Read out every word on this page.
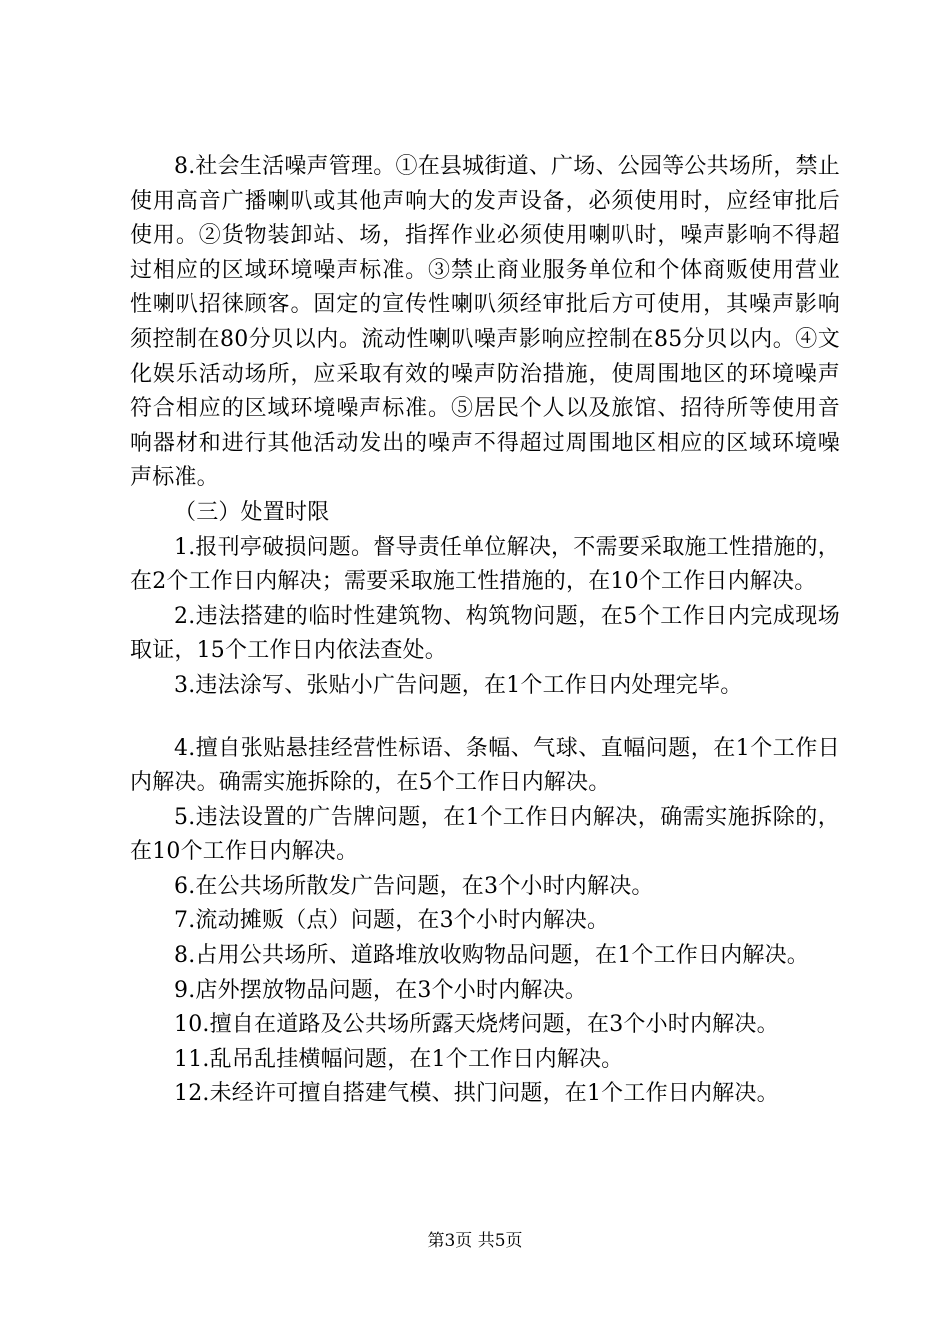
8.社会生活噪声管理。①在县城街道、广场、公园等公共场所，禁止使用高音广播喇叭或其他声响大的发声设备，必须使用时，应经审批后使用。②货物装卸站、场，指挥作业必须使用喇叭时，噪声影响不得超过相应的区域环境噪声标准。③禁止商业服务单位和个体商贩使用营业性喇叭招徕顾客。固定的宣传性喇叭须经审批后方可使用，其噪声影响须控制在80分贝以内。流动性喇叭噪声影响应控制在85分贝以内。④文化娱乐活动场所，应采取有效的噪声防治措施，使周围地区的环境噪声符合相应的区域环境噪声标准。⑤居民个人以及旅馆、招待所等使用音响器材和进行其他活动发出的噪声不得超过周围地区相应的区域环境噪声标准。

（三）处置时限

1.报刊亭破损问题。督导责任单位解决，不需要采取施工性措施的，在2个工作日内解决；需要采取施工性措施的，在10个工作日内解决。

2.违法搭建的临时性建筑物、构筑物问题，在5个工作日内完成现场取证，15个工作日内依法查处。

3.违法涂写、张贴小广告问题，在1个工作日内处理完毕。

4.擅自张贴悬挂经营性标语、条幅、气球、直幅问题，在1个工作日内解决。确需实施拆除的，在5个工作日内解决。

5.违法设置的广告牌问题，在1个工作日内解决，确需实施拆除的，在10个工作日内解决。

6.在公共场所散发广告问题，在3个小时内解决。

7.流动摊贩（点）问题，在3个小时内解决。

8.占用公共场所、道路堆放收购物品问题，在1个工作日内解决。

9.店外摆放物品问题，在3个小时内解决。

10.擅自在道路及公共场所露天烧烤问题，在3个小时内解决。

11.乱吊乱挂横幅问题，在1个工作日内解决。

12.未经许可擅自搭建气模、拱门问题，在1个工作日内解决。

第3页 共5页
